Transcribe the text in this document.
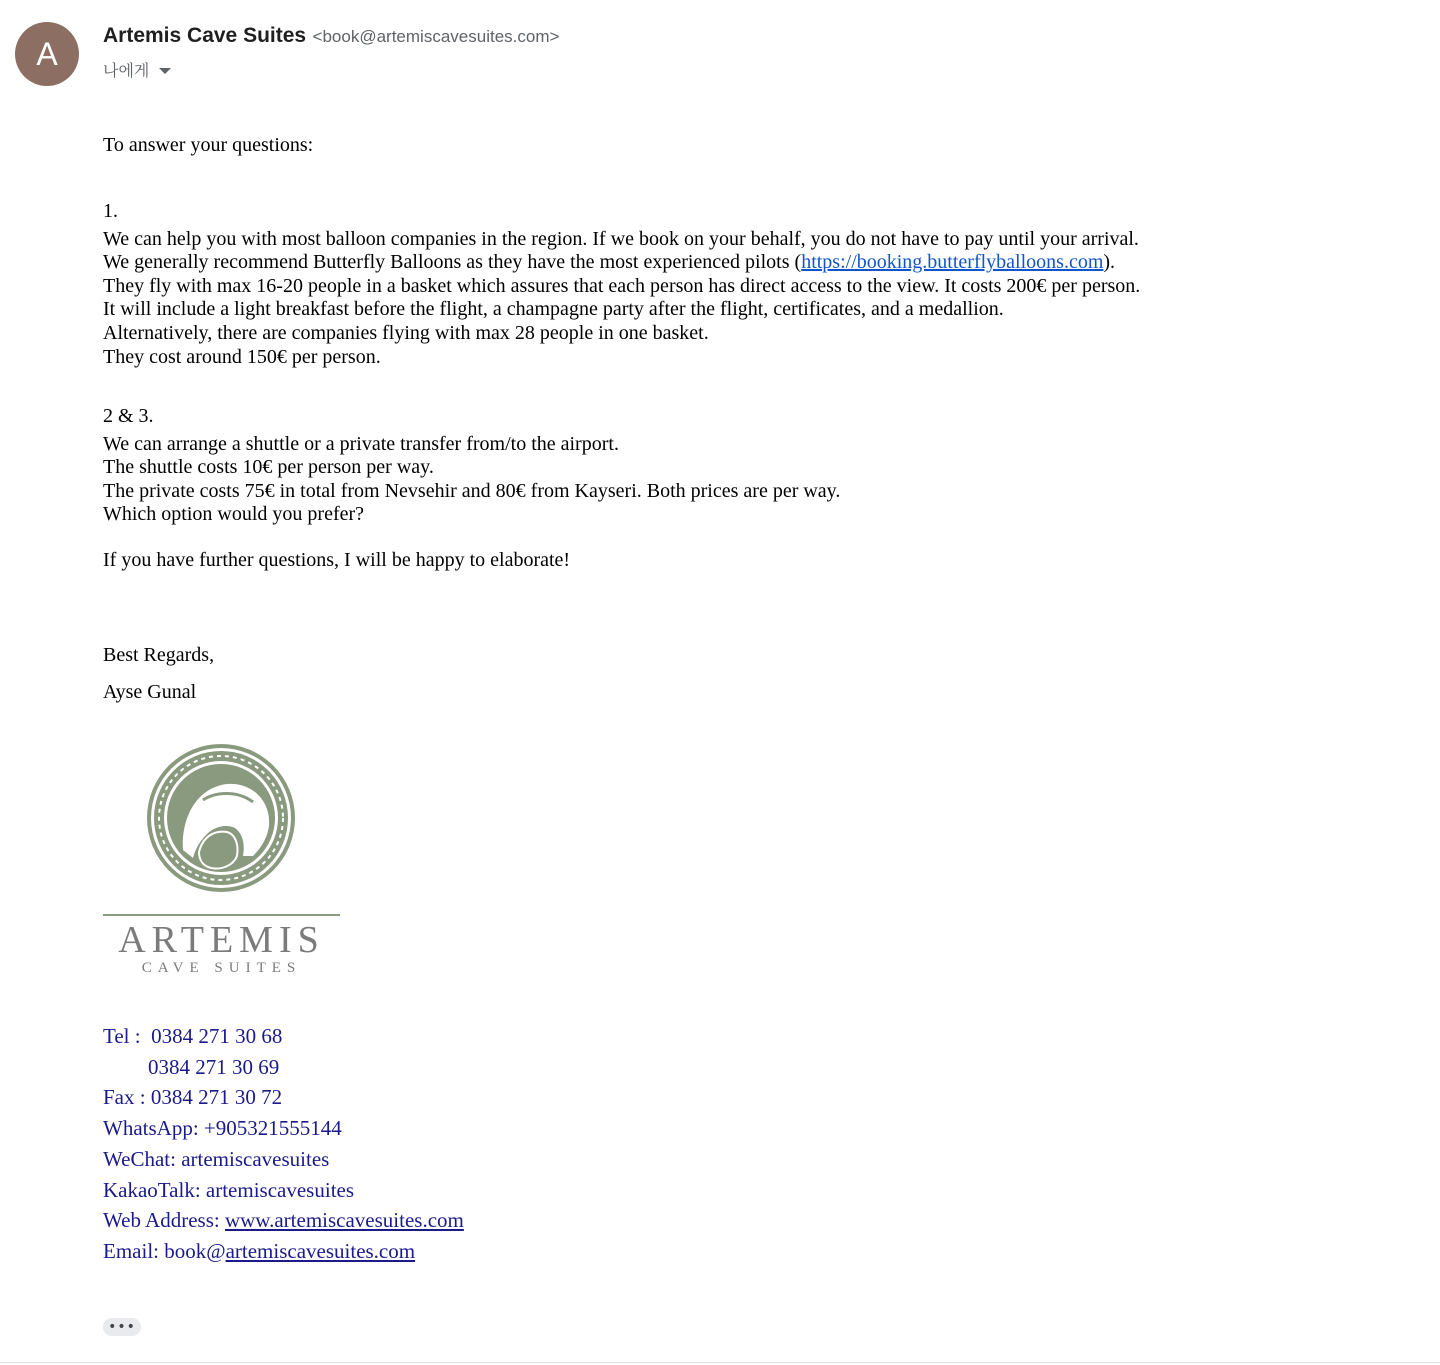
A	Artemis Cave Suites <book@artemiscavesuites.com>
나에게
To answer your questions:
1.
We can help you with most balloon companies in the region. If we book on your behalf, you do not have to pay until your arrival.
We generally recommend Butterfly Balloons as they have the most experienced pilots (https://booking.butterflyballoons.com).
They fly with max 16-20 people in a basket which assures that each person has direct access to the view. It costs 200€ per person.
It will include a light breakfast before the flight, a champagne party after the flight, certificates, and a medallion.
Alternatively, there are companies flying with max 28 people in one basket.
They cost around 150€ per person.
2 & 3.
We can arrange a shuttle or a private transfer from/to the airport.
The shuttle costs 10€ per person per way.
The private costs 75€ in total from Nevsehir and 80€ from Kayseri. Both prices are per way.
Which option would you prefer?
If you have further questions, I will be happy to elaborate!
Best Regards,
Ayse Gunal
ARTEMIS
CAVE SUITES
Tel : 0384 271 30 68
0384 271 30 69
Fax : 0384 271 30 72
WhatsApp: +905321555144
WeChat: artemiscavesuites
KakaoTalk: artemiscavesuites
Web Address: www.artemiscavesuites.com
Email: book@artemiscavesuites.com
•••
